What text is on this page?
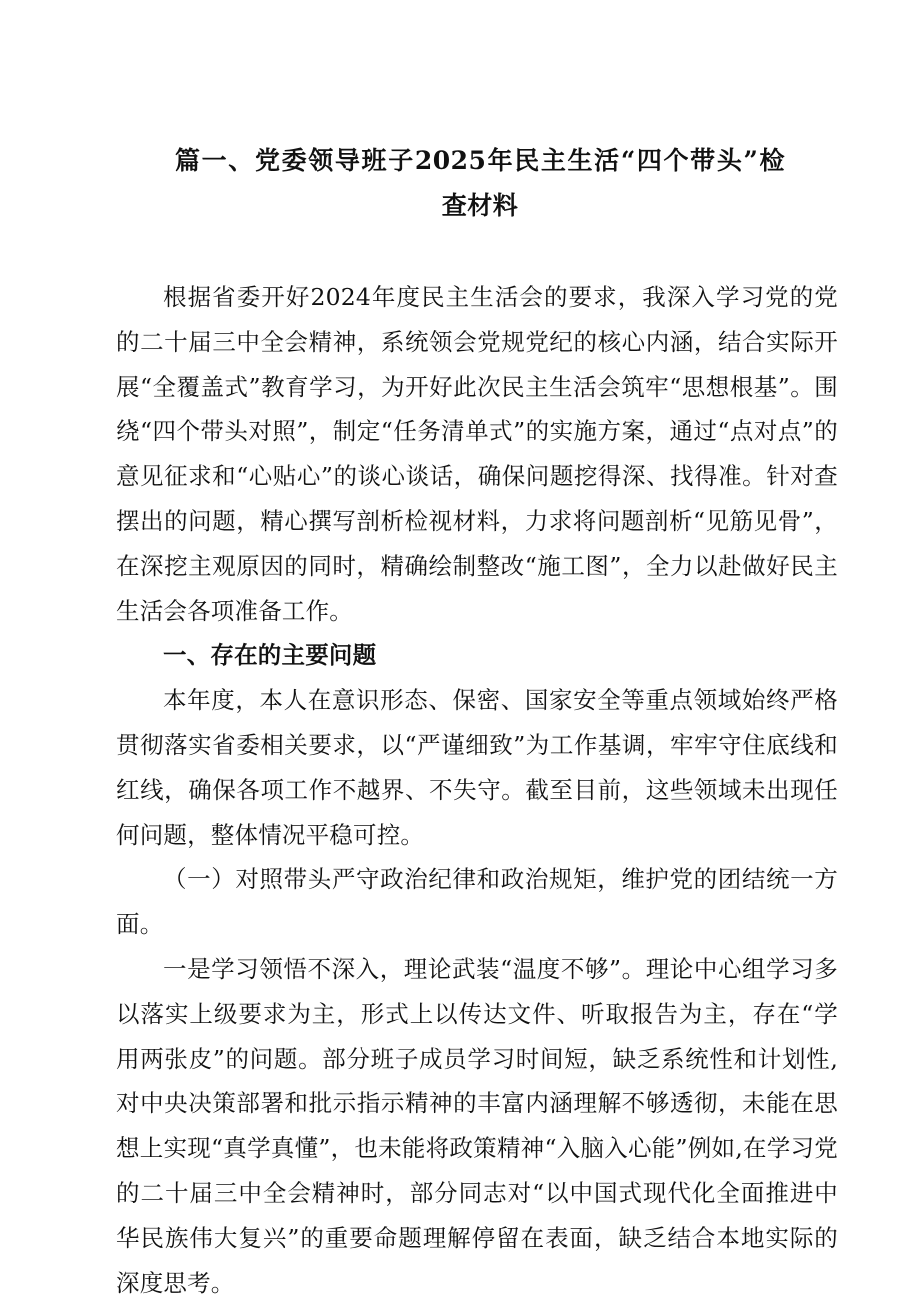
篇一、党委领导班子2025年民主生活“四个带头”检查材料

根据省委开好2024年度民主生活会的要求，我深入学习党的党的二十届三中全会精神，系统领会党规党纪的核心内涵，结合实际开展“全覆盖式”教育学习，为开好此次民主生活会筑牢“思想根基”。围绕“四个带头对照”，制定“任务清单式”的实施方案，通过“点对点”的意见征求和“心贴心”的谈心谈话，确保问题挖得深、找得准。针对查摆出的问题，精心撰写剖析检视材料，力求将问题剖析“见筋见骨”，在深挖主观原因的同时，精确绘制整改“施工图”，全力以赴做好民主生活会各项准备工作。

一、存在的主要问题

本年度，本人在意识形态、保密、国家安全等重点领域始终严格贯彻落实省委相关要求，以“严谨细致”为工作基调，牢牢守住底线和红线，确保各项工作不越界、不失守。截至目前，这些领域未出现任何问题，整体情况平稳可控。

（一）对照带头严守政治纪律和政治规矩，维护党的团结统一方面。

一是学习领悟不深入，理论武装“温度不够”。理论中心组学习多以落实上级要求为主，形式上以传达文件、听取报告为主，存在“学用两张皮”的问题。部分班子成员学习时间短，缺乏系统性和计划性,对中央决策部署和批示指示精神的丰富内涵理解不够透彻，未能在思想上实现“真学真懂”，也未能将政策精神“入脑入心能”例如,在学习党的二十届三中全会精神时，部分同志对“以中国式现代化全面推进中华民族伟大复兴”的重要命题理解停留在表面，缺乏结合本地实际的深度思考。
